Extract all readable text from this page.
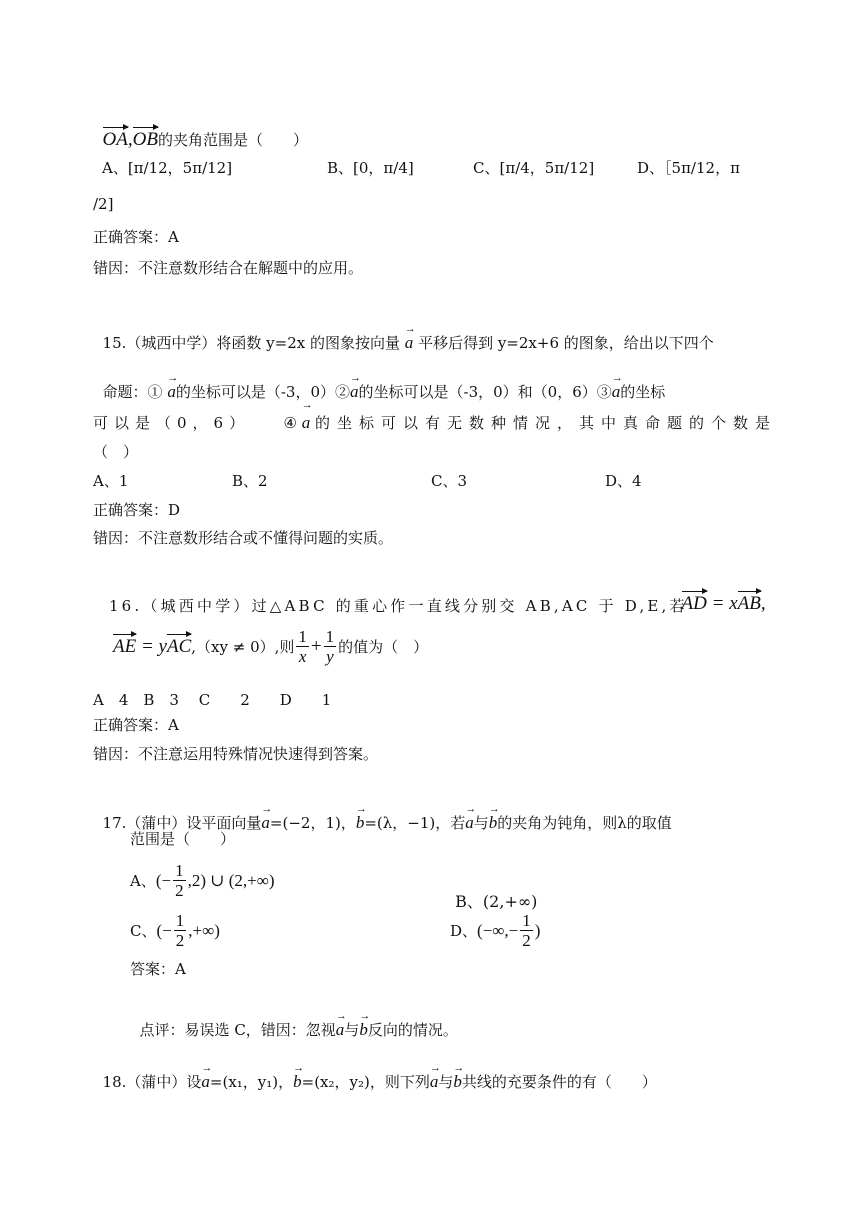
OA,OB的夹角范围是（　　）

A、[π/12，5π/12]	B、[0，π/4]	C、[π/4，5π/12]	D、［5π/12，π
/2]
正确答案：A
错因：不注意数形结合在解题中的应用。

15.（城西中学）将函数 y=2x 的图象按向量 → a 平移后得到 y=2x+6 的图象，给出以下四个

命题：① → a的坐标可以是（-3，0）②→ a的坐标可以是（-3，0）和（0，6）③→ a的坐标

可以是（0，6） ④ → a 的坐标可以有无数种情况，其中真命题的个数是
（　）
A、1	B、2	C、3	D、4
正确答案：D
错因：不注意数形结合或不懂得问题的实质。

16.（城西中学）过△ABC 的重心作一直线分别交 AB,AC 于 D,E,若

AD = xAB,

AE = y AC ,（xy ≠ 0）,则 $\frac{1}{x} + \frac{1}{y}$ 的值为（　）
A　4　B　3　 C　　2　　D　　1
正确答案：A
错因：不注意运用特殊情况快速得到答案。

17.（蒲中）设平面向量→ a=(−2，1)，→ b=(λ，−1)，若→ a与→ b的夹角为钝角，则λ的取值

范围是（　　）
A、 (− $\frac{1}{2} ,2$) ∪ (2,+∞)

B、(2,+∞)

C、 (− $\frac{1}{2}$ ,+∞)	D、 (−∞,− $\frac{1}{2}$ )
答案：A

点评：易误选 C，错因：忽视→ a与→ b反向的情况。

18.（蒲中）设→ a=(x₁，y₁)，→ b=(x₂，y₂)，则下列→ a与→ b共线的充要条件的有（　　）
